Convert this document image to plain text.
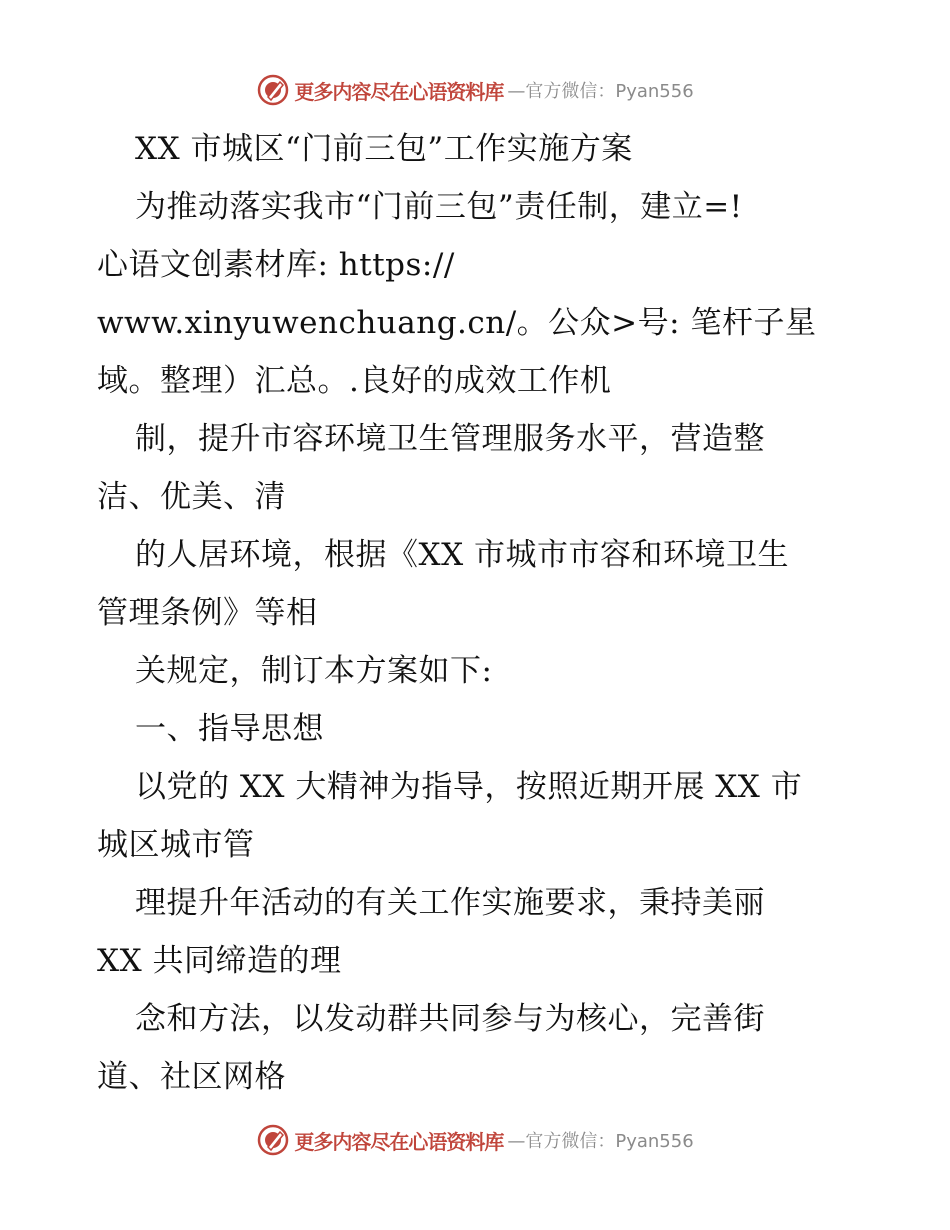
更多内容尽在心语资料库 —官方微信：Pyan556
XX 市城区“门前三包”工作实施方案
为推动落实我市“门前三包”责任制，建立=!
心语文创素材库: https://
www.xinyuwenchuang.cn/。公众>号: 笔杆子星
域。整理）汇总。.良好的成效工作机
制，提升市容环境卫生管理服务水平，营造整
洁、优美、清
的人居环境，根据《XX 市城市市容和环境卫生
管理条例》等相
关规定，制订本方案如下:
一、指导思想
以党的 XX 大精神为指导，按照近期开展 XX 市
城区城市管
理提升年活动的有关工作实施要求，秉持美丽
XX 共同缔造的理
念和方法，以发动群共同参与为核心，完善街
道、社区网格
更多内容尽在心语资料库 —官方微信：Pyan556
